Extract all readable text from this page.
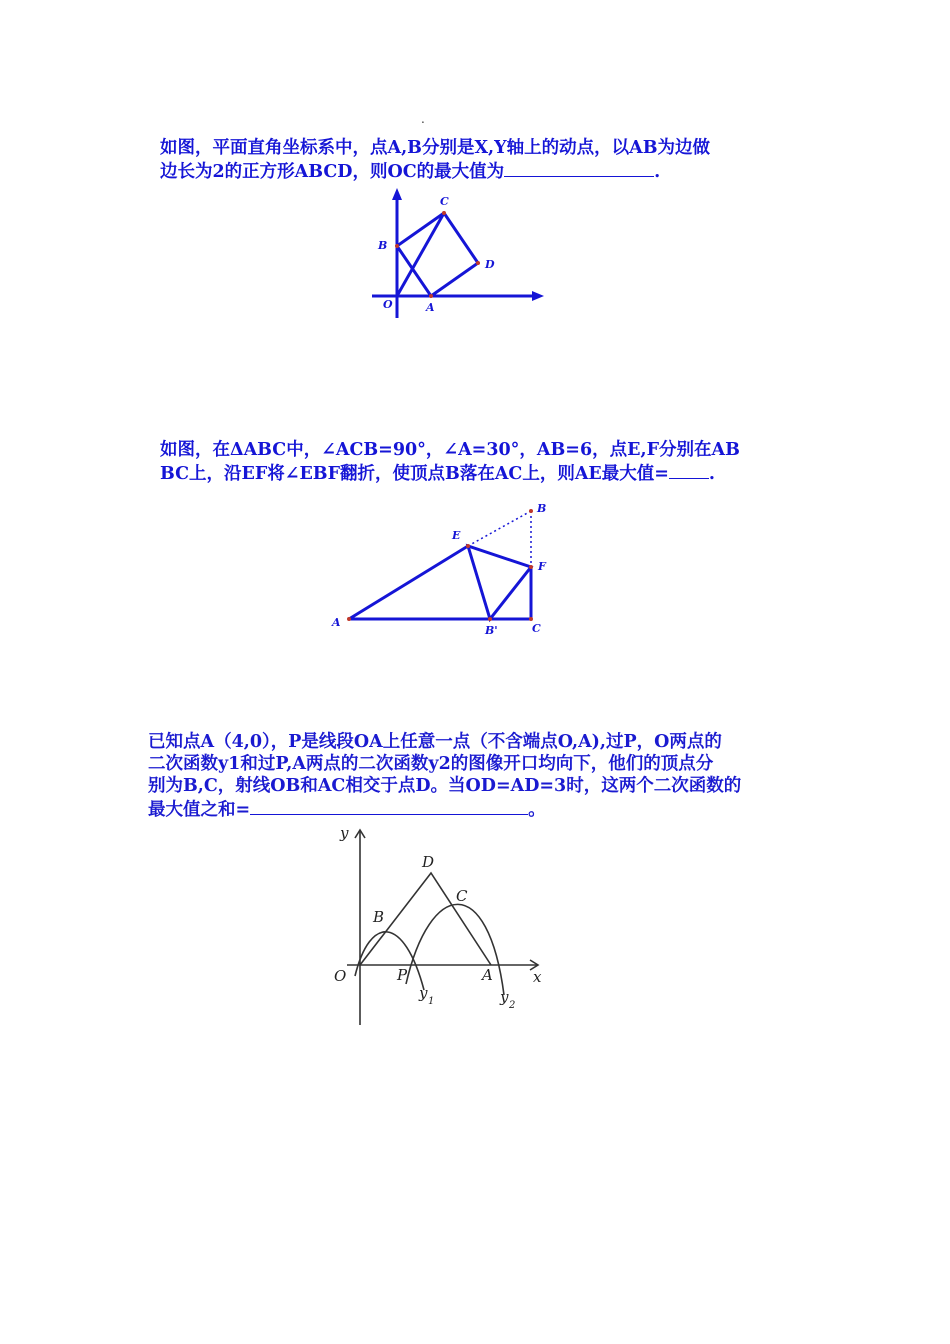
.
如图，平面直角坐标系中，点A,B分别是X,Y轴上的动点，以AB为边做
边长为2的正方形ABCD，则OC的最大值为	.
C
B
D
O	A
B
E
F
A
B'	C
y
x
D
B
C
O	P	A
y 1	y 2
如图，在ΔABC中，∠ACB=90°，∠A=30°，AB=6，点E,F分别在AB
BC上，沿EF将∠EBF翻折，使顶点B落在AC上，则AE最大值= .
已知点A（4,0），P是线段OA上任意一点（不含端点O,A),过P，O两点的
二次函数y1和过P,A两点的二次函数y2的图像开口均向下，他们的顶点分
别为B,C，射线OB和AC相交于点D。当OD=AD=3时，这两个二次函数的
最大值之和=	。
